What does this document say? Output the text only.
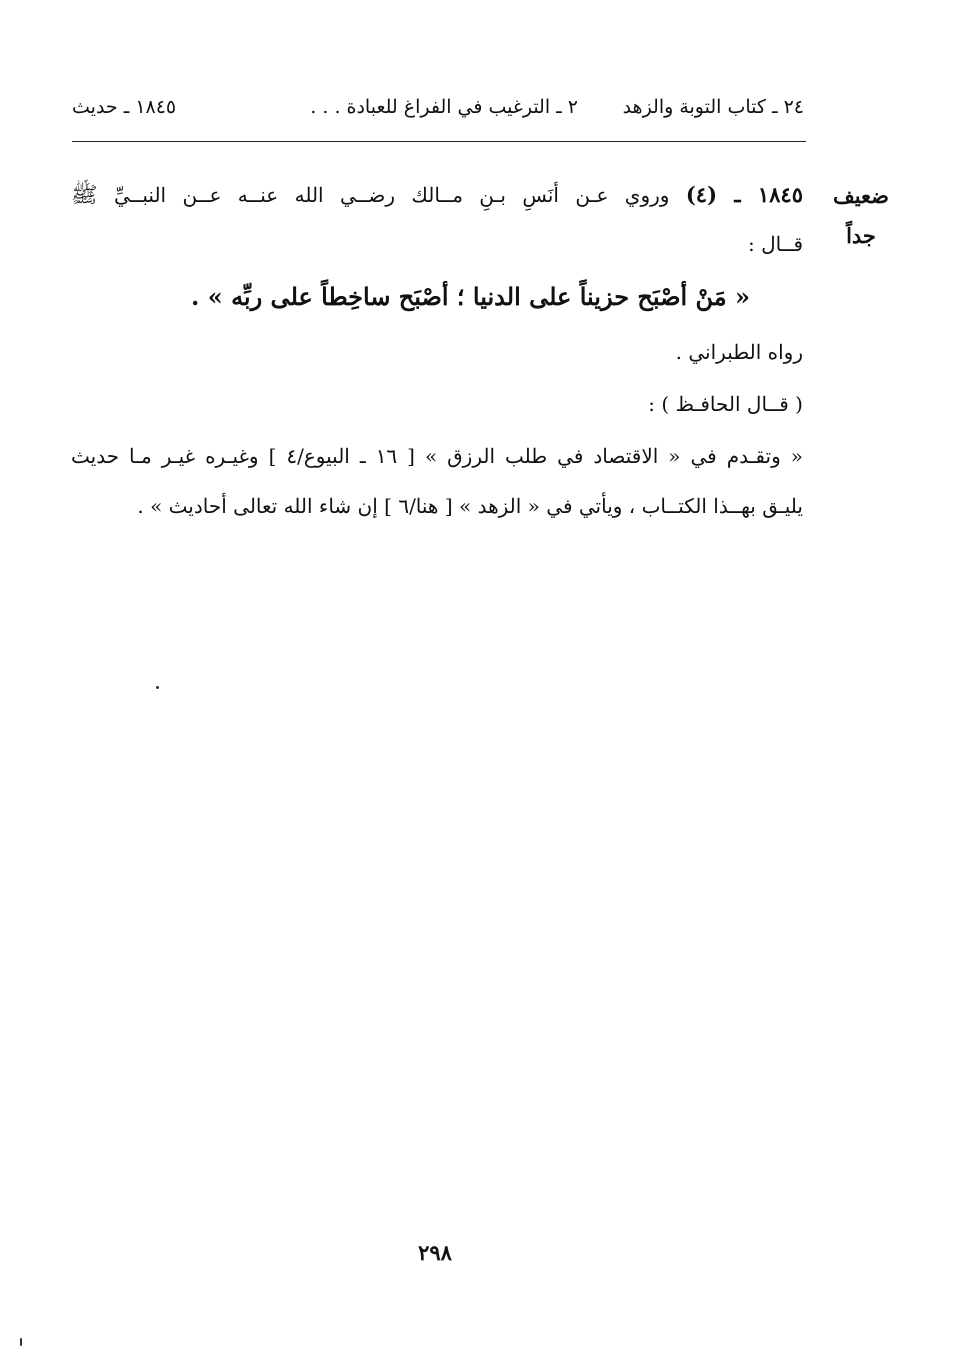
٢٤ ـ كتاب التوبة والزهد
٢ ـ الترغيب في الفراغ للعبادة . . .
١٨٤٥ ـ حديث
ضعيف
جداً
١٨٤٥ ـ (٤) وروي عـن أنَسِ بـنِ مــالك رضــي الله عنــه عــن النبــيِّ ﷺ
قــال :
« مَنْ أصْبَح حزيناً على الدنيا ؛ أصْبَح ساخِطاً على ربِّه » .
رواه الطبراني .
( قــال الحافـظ ) :
« وتقـدم في « الاقتصاد في طلب الرزق » [ ١٦ ـ البيوع/٤ ] وغيـره غيـر مـا حديث
يليـق بهــذا الكتــاب ، ويأتي في « الزهد » [ هنا/٦ ] إن شاء الله تعالى أحاديث » .
٢٩٨
